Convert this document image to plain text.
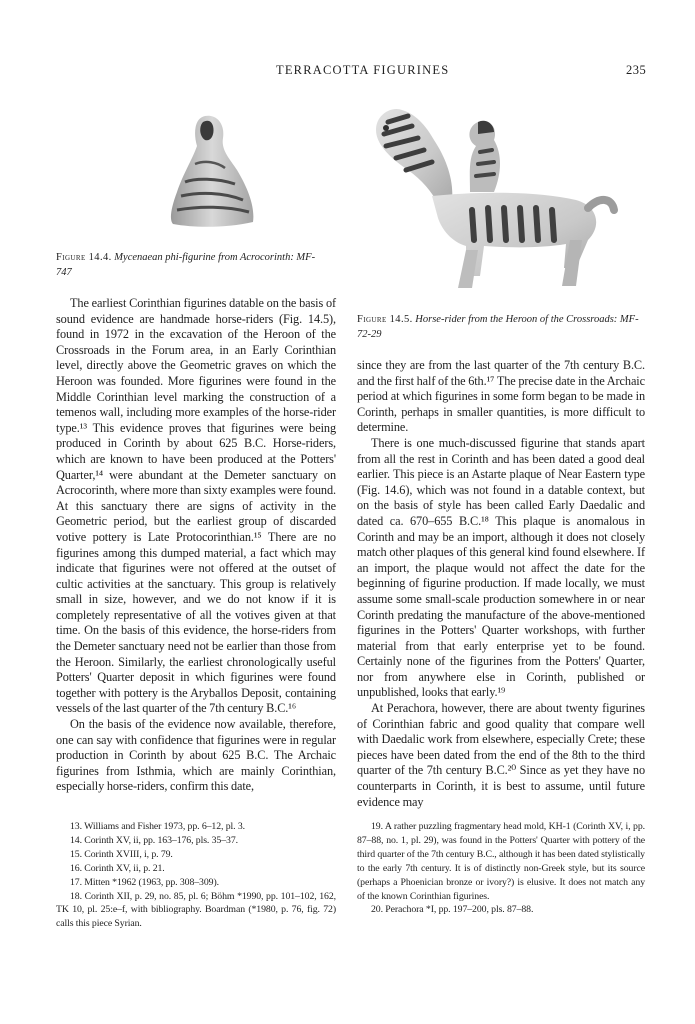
TERRACOTTA FIGURINES	235
Figure 14.4. Mycenaean phi-figurine from Acrocorinth: MF-747
Figure 14.5. Horse-rider from the Heroon of the Crossroads: MF-72-29

The earliest Corinthian figurines datable on the basis of sound evidence are handmade horse-riders (Fig. 14.5), found in 1972 in the excavation of the Heroon of the Crossroads in the Forum area, in an Early Corinthian level, directly above the Geometric graves on which the Heroon was founded. More figurines were found in the Middle Corinthian level marking the construction of a temenos wall, including more examples of the horse-rider type.¹³ This evidence proves that figurines were being produced in Corinth by about 625 B.C. Horse-riders, which are known to have been produced at the Potters' Quarter,¹⁴ were abundant at the Demeter sanctuary on Acrocorinth, where more than sixty examples were found. At this sanctuary there are signs of activity in the Geometric period, but the earliest group of discarded votive pottery is Late Protocorinthian.¹⁵ There are no figurines among this dumped material, a fact which may indicate that figurines were not offered at the outset of cultic activities at the sanctuary. This group is relatively small in size, however, and we do not know if it is completely representative of all the votives given at that time. On the basis of this evidence, the horse-riders from the Demeter sanctuary need not be earlier than those from the Heroon. Similarly, the earliest chronologically useful Potters' Quarter deposit in which figurines were found together with pottery is the Aryballos Deposit, containing vessels of the last quarter of the 7th century B.C.¹⁶

On the basis of the evidence now available, therefore, one can say with confidence that figurines were in regular production in Corinth by about 625 B.C. The Archaic figurines from Isthmia, which are mainly Corinthian, especially horse-riders, confirm this date,

since they are from the last quarter of the 7th century B.C. and the first half of the 6th.¹⁷ The precise date in the Archaic period at which figurines in some form began to be made in Corinth, perhaps in smaller quantities, is more difficult to determine.

There is one much-discussed figurine that stands apart from all the rest in Corinth and has been dated a good deal earlier. This piece is an Astarte plaque of Near Eastern type (Fig. 14.6), which was not found in a datable context, but on the basis of style has been called Early Daedalic and dated ca. 670–655 B.C.¹⁸ This plaque is anomalous in Corinth and may be an import, although it does not closely match other plaques of this general kind found elsewhere. If an import, the plaque would not affect the date for the beginning of figurine production. If made locally, we must assume some small-scale production somewhere in or near Corinth predating the manufacture of the above-mentioned figurines in the Potters' Quarter workshops, with further material from that early enterprise yet to be found. Certainly none of the figurines from the Potters' Quarter, nor from anywhere else in Corinth, published or unpublished, looks that early.¹⁹

At Perachora, however, there are about twenty figurines of Corinthian fabric and good quality that compare well with Daedalic work from elsewhere, especially Crete; these pieces have been dated from the end of the 8th to the third quarter of the 7th century B.C.²⁰ Since as yet they have no counterparts in Corinth, it is best to assume, until future evidence may

13. Williams and Fisher 1973, pp. 6–12, pl. 3.

14. Corinth XV, ii, pp. 163–176, pls. 35–37.

15. Corinth XVIII, i, p. 79.

16. Corinth XV, ii, p. 21.

17. Mitten *1962 (1963, pp. 308–309).

18. Corinth XII, p. 29, no. 85, pl. 6; Böhm *1990, pp. 101–102, 162, TK 10, pl. 25:e–f, with bibliography. Boardman (*1980, p. 76, fig. 72) calls this piece Syrian.

19. A rather puzzling fragmentary head mold, KH-1 (Corinth XV, i, pp. 87–88, no. 1, pl. 29), was found in the Potters' Quarter with pottery of the third quarter of the 7th century B.C., although it has been dated stylistically to the early 7th century. It is of distinctly non-Greek style, but its source (perhaps a Phoenician bronze or ivory?) is elusive. It does not match any of the known Corinthian figurines.

20. Perachora *I, pp. 197–200, pls. 87–88.
